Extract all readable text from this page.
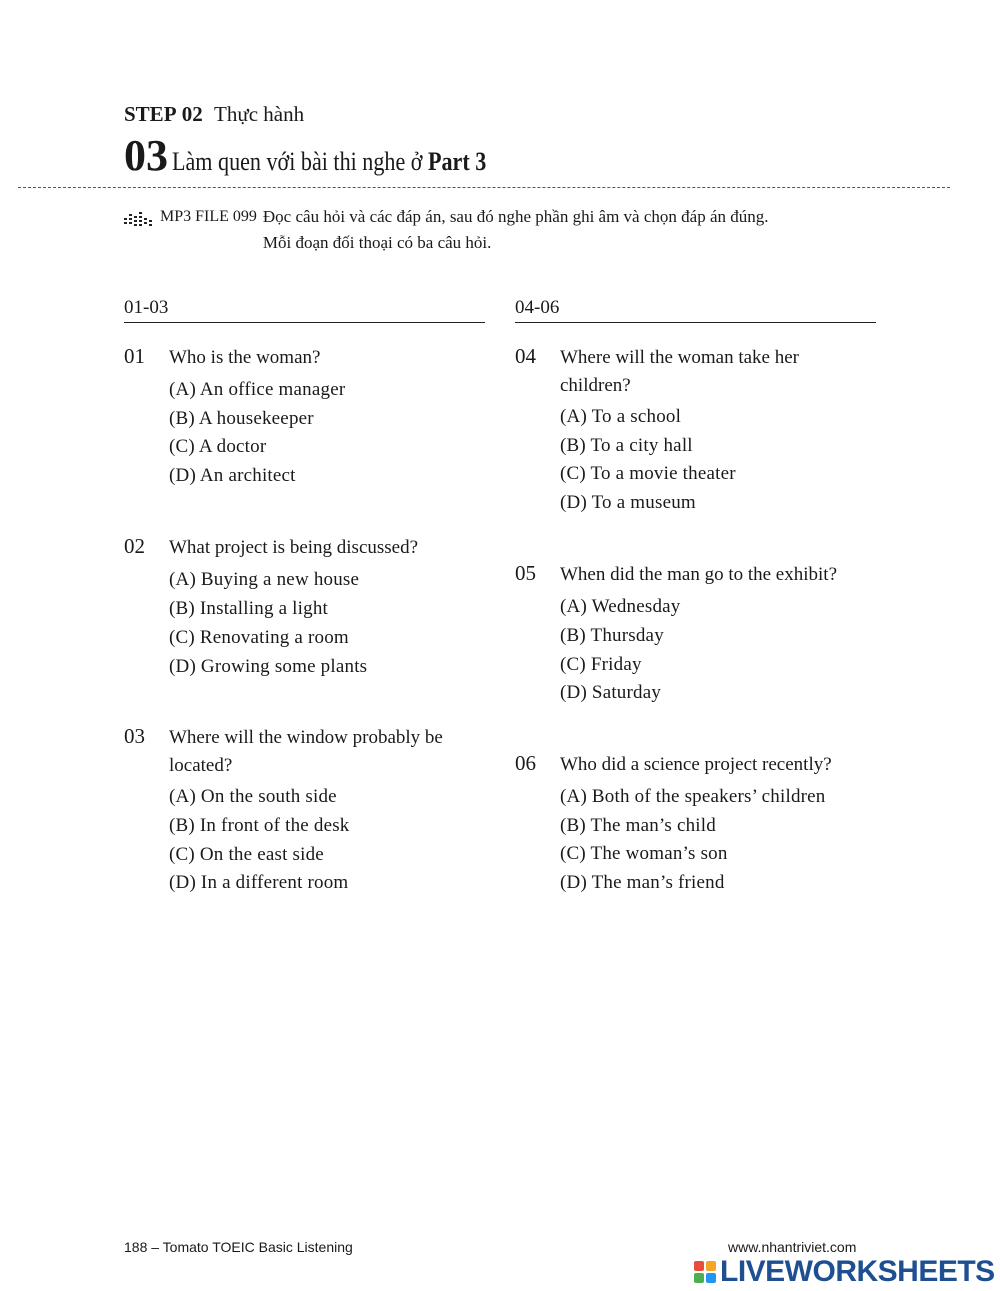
STEP 02 Thực hành
03 Làm quen với bài thi nghe ở Part 3
MP3 FILE 099 Đọc câu hỏi và các đáp án, sau đó nghe phần ghi âm và chọn đáp án đúng.
Mỗi đoạn đối thoại có ba câu hỏi.
01-03	04-06
01 Who is the woman?
(A) An office manager
(B) A housekeeper
(C) A doctor
(D) An architect
02 What project is being discussed?
(A) Buying a new house
(B) Installing a light
(C) Renovating a room
(D) Growing some plants
03 Where will the window probably be located?
(A) On the south side
(B) In front of the desk
(C) On the east side
(D) In a different room
04 Where will the woman take her children?
(A) To a school
(B) To a city hall
(C) To a movie theater
(D) To a museum
05 When did the man go to the exhibit?
(A) Wednesday
(B) Thursday
(C) Friday
(D) Saturday
06 Who did a science project recently?
(A) Both of the speakers’ children
(B) The man’s child
(C) The woman’s son
(D) The man’s friend
188 – Tomato TOEIC Basic Listening	www.nhantriviet.com
LIVEWORKSHEETS
